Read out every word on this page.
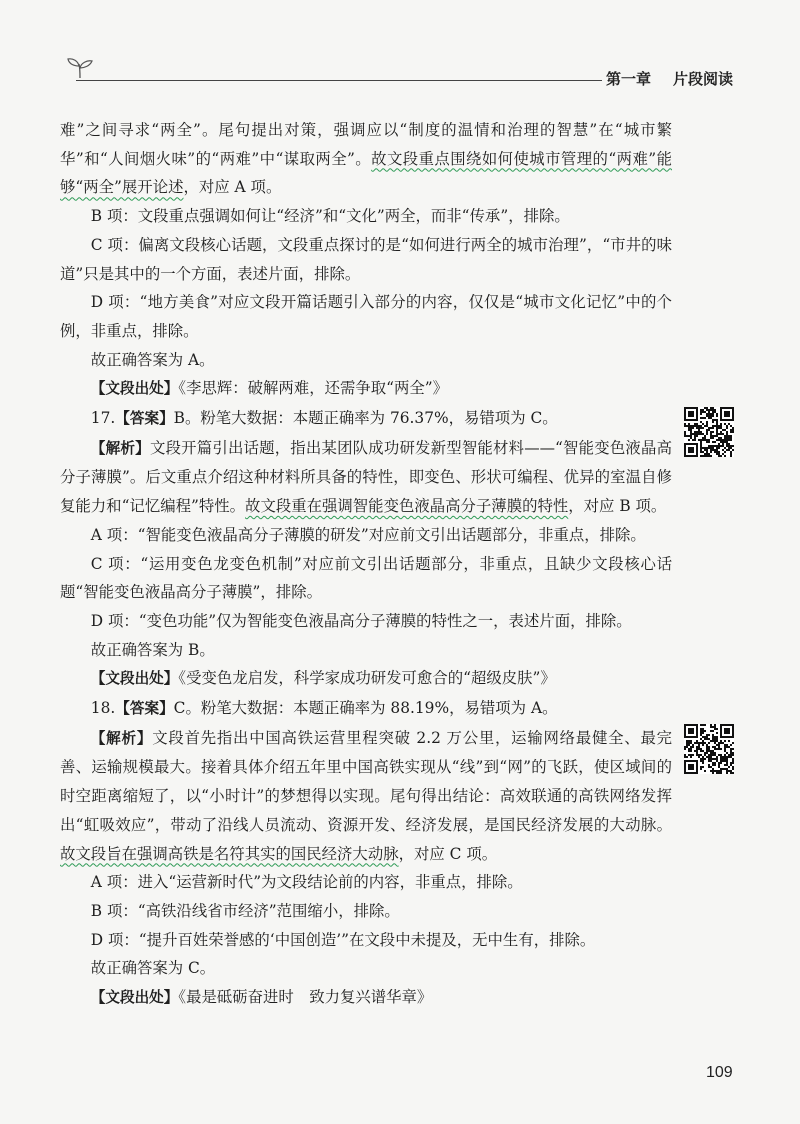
第一章 片段阅读

难”之间寻求“两全”。尾句提出对策，强调应以“制度的温情和治理的智慧”在“城市繁华”和“人间烟火味”的“两难”中“谋取两全”。故文段重点围绕如何使城市管理的“两难”能够“两全”展开论述，对应 A 项。

B 项：文段重点强调如何让“经济”和“文化”两全，而非“传承”，排除。

C 项：偏离文段核心话题，文段重点探讨的是“如何进行两全的城市治理”，“市井的味道”只是其中的一个方面，表述片面，排除。

D 项：“地方美食”对应文段开篇话题引入部分的内容，仅仅是“城市文化记忆”中的个例，非重点，排除。

故正确答案为 A。

【文段出处】《李思辉：破解两难，还需争取“两全”》

17.【答案】B。粉笔大数据：本题正确率为 76.37%，易错项为 C。

【解析】文段开篇引出话题，指出某团队成功研发新型智能材料——“智能变色液晶高分子薄膜”。后文重点介绍这种材料所具备的特性，即变色、形状可编程、优异的室温自修复能力和“记忆编程”特性。故文段重在强调智能变色液晶高分子薄膜的特性，对应 B 项。

A 项：“智能变色液晶高分子薄膜的研发”对应前文引出话题部分，非重点，排除。

C 项：“运用变色龙变色机制”对应前文引出话题部分，非重点，且缺少文段核心话题“智能变色液晶高分子薄膜”，排除。

D 项：“变色功能”仅为智能变色液晶高分子薄膜的特性之一，表述片面，排除。

故正确答案为 B。

【文段出处】《受变色龙启发，科学家成功研发可愈合的“超级皮肤”》

18.【答案】C。粉笔大数据：本题正确率为 88.19%，易错项为 A。

【解析】文段首先指出中国高铁运营里程突破 2.2 万公里，运输网络最健全、最完善、运输规模最大。接着具体介绍五年里中国高铁实现从“线”到“网”的飞跃，使区域间的时空距离缩短了，以“小时计”的梦想得以实现。尾句得出结论：高效联通的高铁网络发挥出“虹吸效应”，带动了沿线人员流动、资源开发、经济发展，是国民经济发展的大动脉。故文段旨在强调高铁是名符其实的国民经济大动脉，对应 C 项。

A 项：进入“运营新时代”为文段结论前的内容，非重点，排除。

B 项：“高铁沿线省市经济”范围缩小，排除。

D 项：“提升百姓荣誉感的‘中国创造’”在文段中未提及，无中生有，排除。

故正确答案为 C。

【文段出处】《最是砥砺奋进时　致力复兴谱华章》

109
